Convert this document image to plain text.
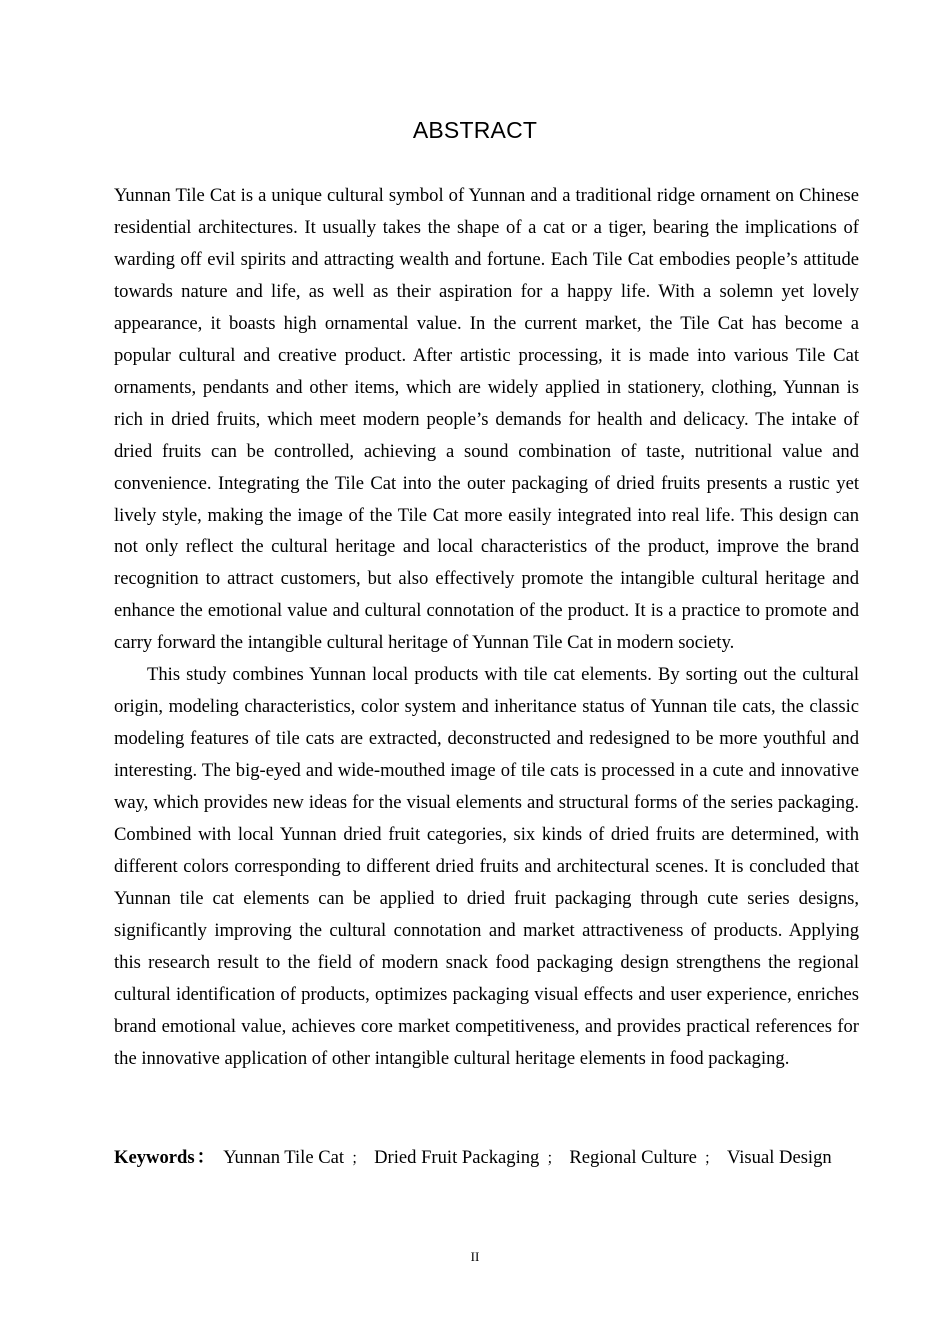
ABSTRACT

Yunnan Tile Cat is a unique cultural symbol of Yunnan and a traditional ridge ornament on Chinese residential architectures. It usually takes the shape of a cat or a tiger, bearing the implications of warding off evil spirits and attracting wealth and fortune. Each Tile Cat embodies people’s attitude towards nature and life, as well as their aspiration for a happy life. With a solemn yet lovely appearance, it boasts high ornamental value. In the current market, the Tile Cat has become a popular cultural and creative product. After artistic processing, it is made into various Tile Cat ornaments, pendants and other items, which are widely applied in stationery, clothing, Yunnan is rich in dried fruits, which meet modern people’s demands for health and delicacy. The intake of dried fruits can be controlled, achieving a sound combination of taste, nutritional value and convenience. Integrating the Tile Cat into the outer packaging of dried fruits presents a rustic yet lively style, making the image of the Tile Cat more easily integrated into real life. This design can not only reflect the cultural heritage and local characteristics of the product, improve the brand recognition to attract customers, but also effectively promote the intangible cultural heritage and enhance the emotional value and cultural connotation of the product. It is a practice to promote and carry forward the intangible cultural heritage of Yunnan Tile Cat in modern society.

This study combines Yunnan local products with tile cat elements. By sorting out the cultural origin, modeling characteristics, color system and inheritance status of Yunnan tile cats, the classic modeling features of tile cats are extracted, deconstructed and redesigned to be more youthful and interesting. The big-eyed and wide-mouthed image of tile cats is processed in a cute and innovative way, which provides new ideas for the visual elements and structural forms of the series packaging. Combined with local Yunnan dried fruit categories, six kinds of dried fruits are determined, with different colors corresponding to different dried fruits and architectural scenes. It is concluded that Yunnan tile cat elements can be applied to dried fruit packaging through cute series designs, significantly improving the cultural connotation and market attractiveness of products. Applying this research result to the field of modern snack food packaging design strengthens the regional cultural identification of products, optimizes packaging visual effects and user experience, enriches brand emotional value, achieves core market competitiveness, and provides practical references for the innovative application of other intangible cultural heritage elements in food packaging.

Keywords ： Yunnan Tile Cat ； Dried Fruit Packaging ； Regional Culture ； Visual Design
II
